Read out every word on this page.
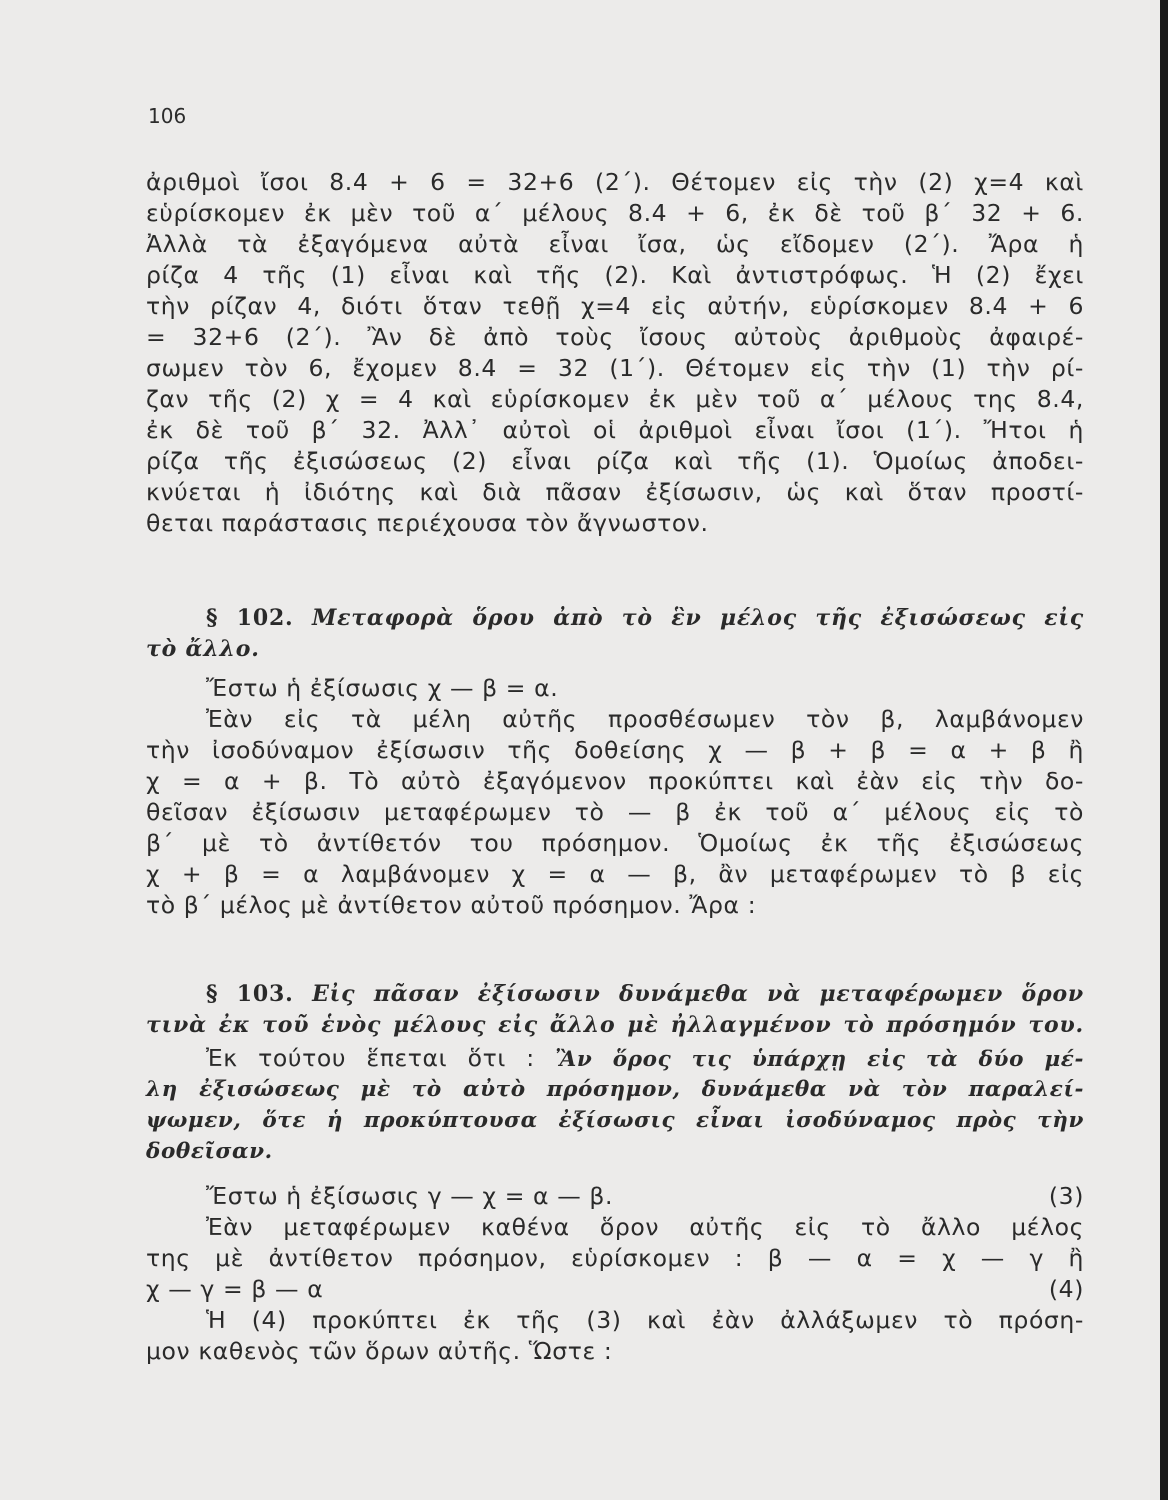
106
ἀριθμοὶ ἴσοι 8.4 + 6 = 32+6 (2΄). Θέτομεν εἰς τὴν (2) χ=4 καὶ
εὑρίσκομεν ἐκ μὲν τοῦ α΄ μέλους 8.4 + 6, ἐκ δὲ τοῦ β΄ 32 + 6.
Ἀλλὰ τὰ ἐξαγόμενα αὐτὰ εἶναι ἴσα, ὡς εἴδομεν (2΄). Ἄρα ἡ
ρίζα 4 τῆς (1) εἶναι καὶ τῆς (2). Καὶ ἀντιστρόφως. Ἡ (2) ἔχει
τὴν ρίζαν 4, διότι ὅταν τεθῇ χ=4 εἰς αὐτήν, εὑρίσκομεν 8.4 + 6
= 32+6 (2΄). Ἂν δὲ ἀπὸ τοὺς ἴσους αὐτοὺς ἀριθμοὺς ἀφαιρέ-
σωμεν τὸν 6, ἔχομεν 8.4 = 32 (1΄). Θέτομεν εἰς τὴν (1) τὴν ρί-
ζαν τῆς (2) χ = 4 καὶ εὑρίσκομεν ἐκ μὲν τοῦ α΄ μέλους της 8.4,
ἐκ δὲ τοῦ β΄ 32. Ἀλλ᾿ αὐτοὶ οἱ ἀριθμοὶ εἶναι ἴσοι (1΄). Ἤτοι ἡ
ρίζα τῆς ἐξισώσεως (2) εἶναι ρίζα καὶ τῆς (1). Ὁμοίως ἀποδει-
κνύεται ἡ ἰδιότης καὶ διὰ πᾶσαν ἐξίσωσιν, ὡς καὶ ὅταν προστί-
θεται παράστασις περιέχουσα τὸν ἄγνωστον.
§ 102. Μεταφορὰ ὅρου ἀπὸ τὸ ἓν μέλος τῆς ἐξισώσεως εἰς
τὸ ἄλλο.
Ἔστω ἡ ἐξίσωσις χ — β = α.
Ἐὰν εἰς τὰ μέλη αὐτῆς προσθέσωμεν τὸν β, λαμβάνομεν
τὴν ἰσοδύναμον ἐξίσωσιν τῆς δοθείσης χ — β + β = α + β ἢ
χ = α + β. Τὸ αὐτὸ ἐξαγόμενον προκύπτει καὶ ἐὰν εἰς τὴν δο-
θεῖσαν ἐξίσωσιν μεταφέρωμεν τὸ — β ἐκ τοῦ α΄ μέλους εἰς τὸ
β΄ μὲ τὸ ἀντίθετόν του πρόσημον. Ὁμοίως ἐκ τῆς ἐξισώσεως
χ + β = α λαμβάνομεν χ = α — β, ἂν μεταφέρωμεν τὸ β εἰς
τὸ β΄ μέλος μὲ ἀντίθετον αὐτοῦ πρόσημον. Ἄρα :
§ 103. Εἰς πᾶσαν ἐξίσωσιν δυνάμεθα νὰ μεταφέρωμεν ὅρον
τινὰ ἐκ τοῦ ἑνὸς μέλους εἰς ἄλλο μὲ ἠλλαγμένον τὸ πρόσημόν του.
Ἐκ τούτου ἕπεται ὅτι : Ἂν ὅρος τις ὑπάρχῃ εἰς τὰ δύο μέ-
λη ἐξισώσεως μὲ τὸ αὐτὸ πρόσημον, δυνάμεθα νὰ τὸν παραλεί-
ψωμεν, ὅτε ἡ προκύπτουσα ἐξίσωσις εἶναι ἰσοδύναμος πρὸς τὴν
δοθεῖσαν.
Ἔστω ἡ ἐξίσωσις γ — χ = α — β.	(3)
Ἐὰν μεταφέρωμεν καθένα ὅρον αὐτῆς εἰς τὸ ἄλλο μέλος
της μὲ ἀντίθετον πρόσημον, εὑρίσκομεν : β — α = χ — γ ἢ
χ — γ = β — α	(4)
Ἡ (4) προκύπτει ἐκ τῆς (3) καὶ ἐὰν ἀλλάξωμεν τὸ πρόση-
μον καθενὸς τῶν ὅρων αὐτῆς. Ὥστε :
